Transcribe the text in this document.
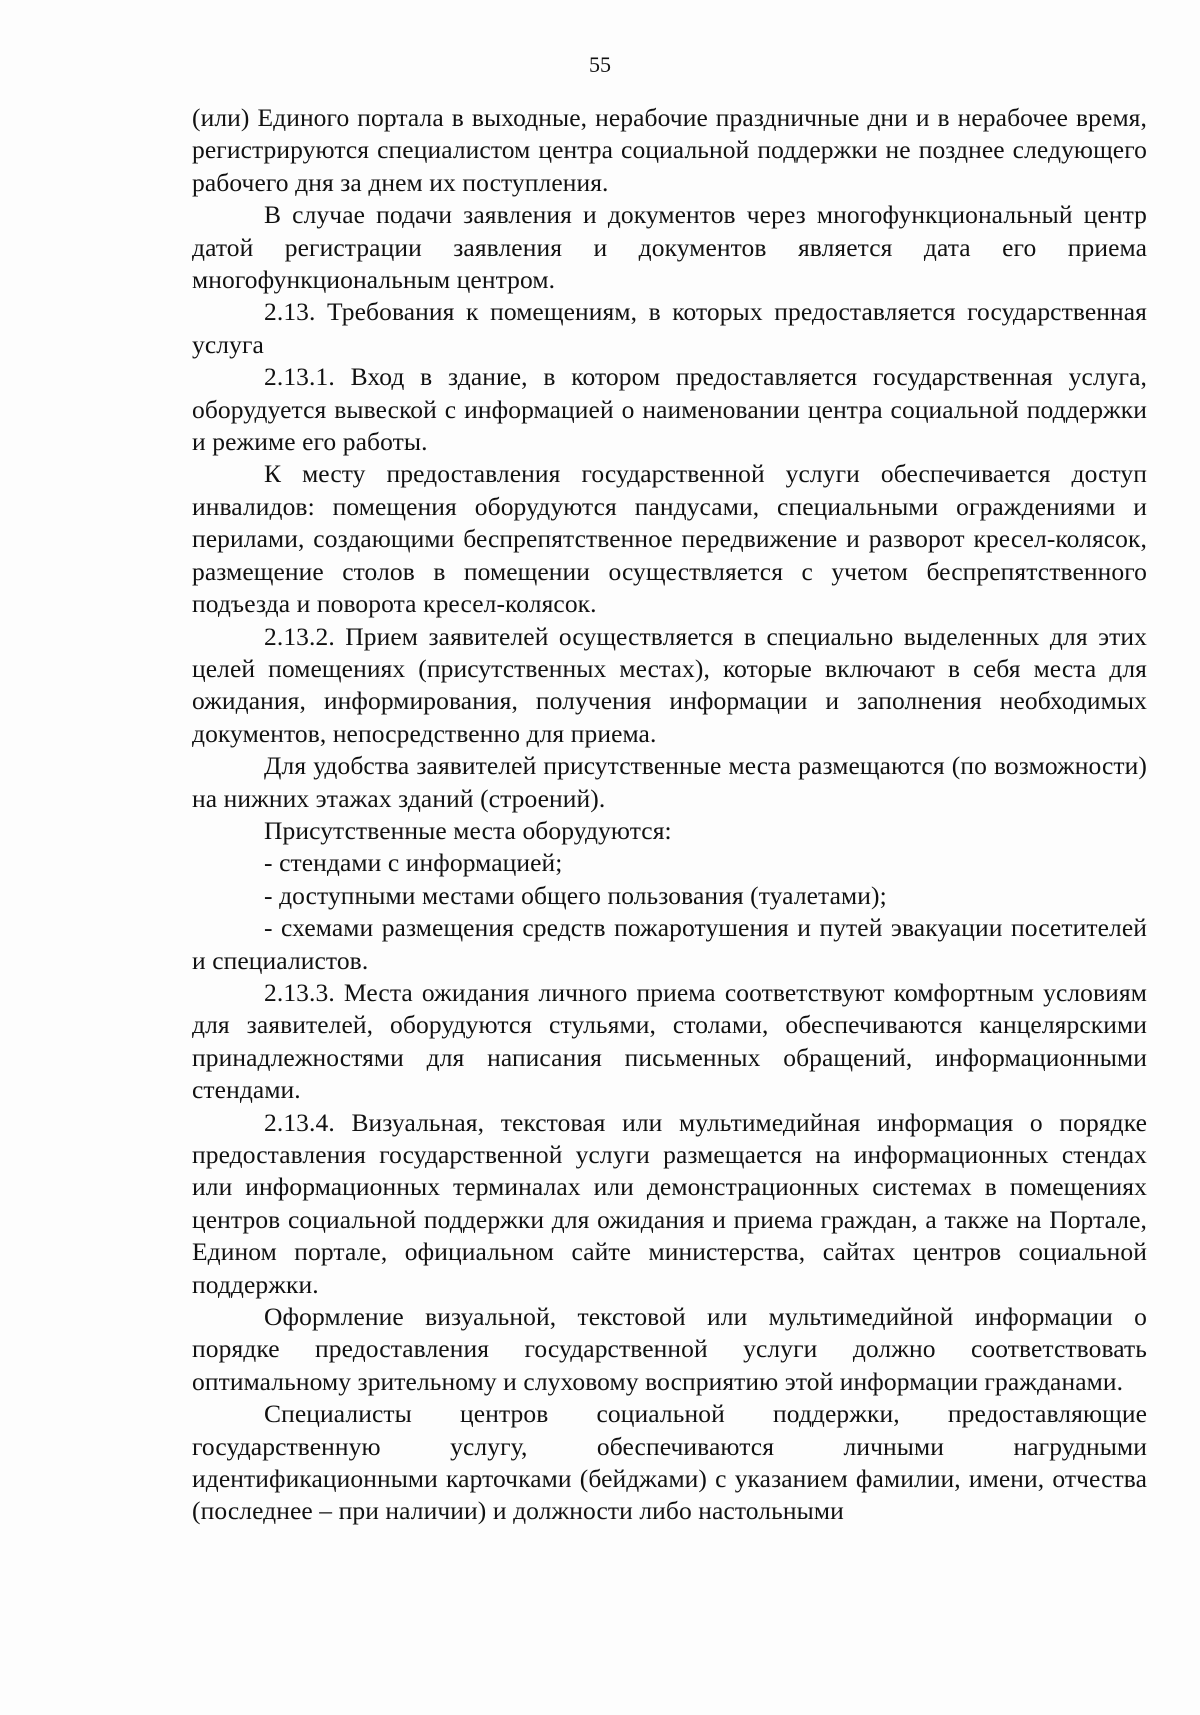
55

(или) Единого портала в выходные, нерабочие праздничные дни и в нерабочее время, регистрируются специалистом центра социальной поддержки не позднее следующего рабочего дня за днем их поступления.

В случае подачи заявления и документов через многофункциональный центр датой регистрации заявления и документов является дата его приема многофункциональным центром.

2.13. Требования к помещениям, в которых предоставляется государственная услуга

2.13.1. Вход в здание, в котором предоставляется государственная услуга, оборудуется вывеской с информацией о наименовании центра социальной поддержки и режиме его работы.

К месту предоставления государственной услуги обеспечивается доступ инвалидов: помещения оборудуются пандусами, специальными ограждениями и перилами, создающими беспрепятственное передвижение и разворот кресел-колясок, размещение столов в помещении осуществляется с учетом беспрепятственного подъезда и поворота кресел-колясок.

2.13.2. Прием заявителей осуществляется в специально выделенных для этих целей помещениях (присутственных местах), которые включают в себя места для ожидания, информирования, получения информации и заполнения необходимых документов, непосредственно для приема.

Для удобства заявителей присутственные места размещаются (по возможности) на нижних этажах зданий (строений).

Присутственные места оборудуются:

- стендами с информацией;

- доступными местами общего пользования (туалетами);

- схемами размещения средств пожаротушения и путей эвакуации посетителей и специалистов.

2.13.3. Места ожидания личного приема соответствуют комфортным условиям для заявителей, оборудуются стульями, столами, обеспечиваются канцелярскими принадлежностями для написания письменных обращений, информационными стендами.

2.13.4. Визуальная, текстовая или мультимедийная информация о порядке предоставления государственной услуги размещается на информационных стендах или информационных терминалах или демонстрационных системах в помещениях центров социальной поддержки для ожидания и приема граждан, а также на Портале, Едином портале, официальном сайте министерства, сайтах центров социальной поддержки.

Оформление визуальной, текстовой или мультимедийной информации о порядке предоставления государственной услуги должно соответствовать оптимальному зрительному и слуховому восприятию этой информации гражданами.

Специалисты центров социальной поддержки, предоставляющие государственную услугу, обеспечиваются личными нагрудными идентификационными карточками (бейджами) с указанием фамилии, имени, отчества (последнее – при наличии) и должности либо настольными
